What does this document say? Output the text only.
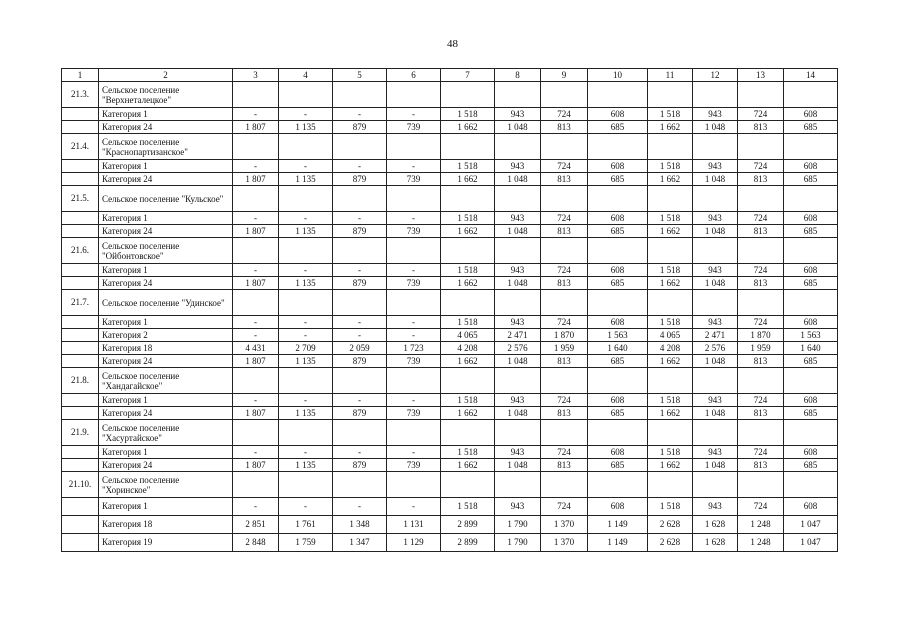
48
1	2	3	4	5	6	7	8	9	10	11	12	13	14
21.3.	Сельское поселение "Верхнеталецкое"												
	Категория 1	-	-	-	-	1 518	943	724	608	1 518	943	724	608
	Категория 24	1 807	1 135	879	739	1 662	1 048	813	685	1 662	1 048	813	685
21.4.	Сельское поселение "Краснопартизанское"												
	Категория 1	-	-	-	-	1 518	943	724	608	1 518	943	724	608
	Категория 24	1 807	1 135	879	739	1 662	1 048	813	685	1 662	1 048	813	685
21.5.	Сельское поселение "Кульское"												
	Категория 1	-	-	-	-	1 518	943	724	608	1 518	943	724	608
	Категория 24	1 807	1 135	879	739	1 662	1 048	813	685	1 662	1 048	813	685
21.6.	Сельское поселение "Ойбонтовское"												
	Категория 1	-	-	-	-	1 518	943	724	608	1 518	943	724	608
	Категория 24	1 807	1 135	879	739	1 662	1 048	813	685	1 662	1 048	813	685
21.7.	Сельское поселение "Удинское"												
	Категория 1	-	-	-	-	1 518	943	724	608	1 518	943	724	608
	Категория 2	-	-	-	-	4 065	2 471	1 870	1 563	4 065	2 471	1 870	1 563
	Категория 18	4 431	2 709	2 059	1 723	4 208	2 576	1 959	1 640	4 208	2 576	1 959	1 640
	Категория 24	1 807	1 135	879	739	1 662	1 048	813	685	1 662	1 048	813	685
21.8.	Сельское поселение "Хандагайское"												
	Категория 1	-	-	-	-	1 518	943	724	608	1 518	943	724	608
	Категория 24	1 807	1 135	879	739	1 662	1 048	813	685	1 662	1 048	813	685
21.9.	Сельское поселение "Хасуртайское"												
	Категория 1	-	-	-	-	1 518	943	724	608	1 518	943	724	608
	Категория 24	1 807	1 135	879	739	1 662	1 048	813	685	1 662	1 048	813	685
21.10.	Сельское поселение "Хоринское"												
	Категория 1	-	-	-	-	1 518	943	724	608	1 518	943	724	608
	Категория 18	2 851	1 761	1 348	1 131	2 899	1 790	1 370	1 149	2 628	1 628	1 248	1 047
	Категория 19	2 848	1 759	1 347	1 129	2 899	1 790	1 370	1 149	2 628	1 628	1 248	1 047
